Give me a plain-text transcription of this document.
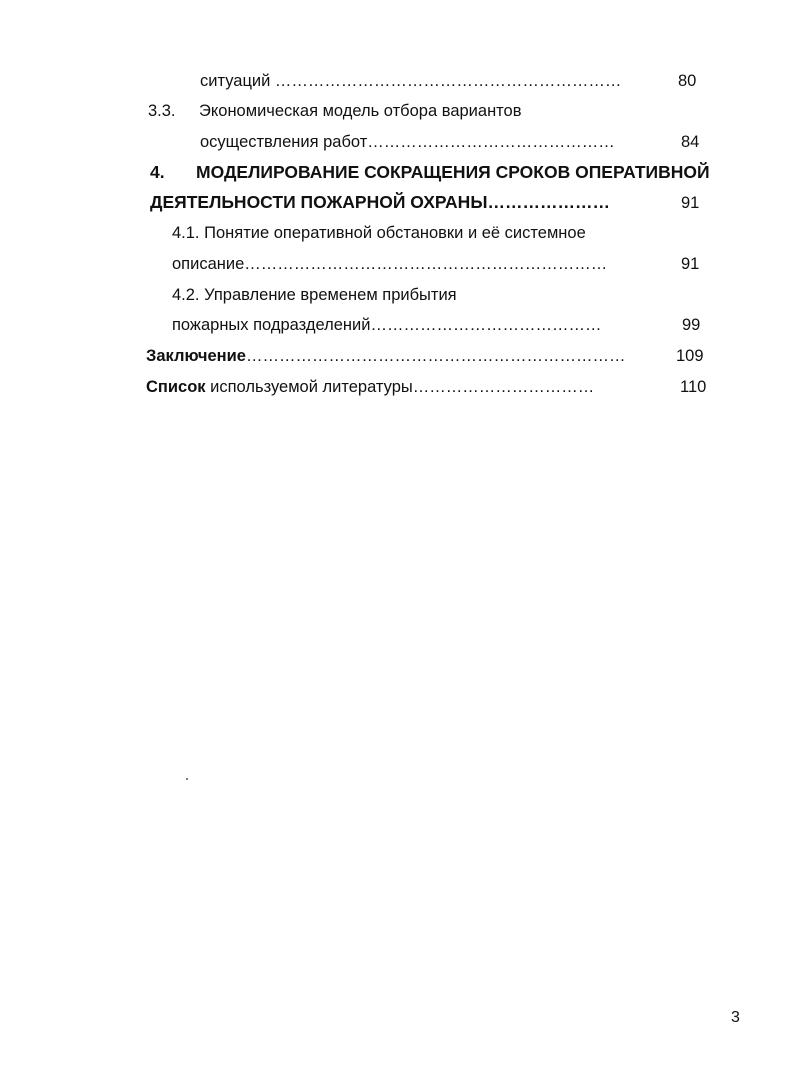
ситуаций ………………………………………………………	80
3.3. Экономическая модель отбора вариантов
осуществления работ………………………………………	84
4. МОДЕЛИРОВАНИЕ СОКРАЩЕНИЯ СРОКОВ ОПЕРАТИВНОЙ
ДЕЯТЕЛЬНОСТИ ПОЖАРНОЙ ОХРАНЫ…………………	91
4.1. Понятие оперативной обстановки и её системное
описание…………………………………………………………	91
4.2. Управление временем прибытия
пожарных подразделений……………………………………	99
Заключение……………………………………………………………	109
Список используемой литературы……………………………	110
3
